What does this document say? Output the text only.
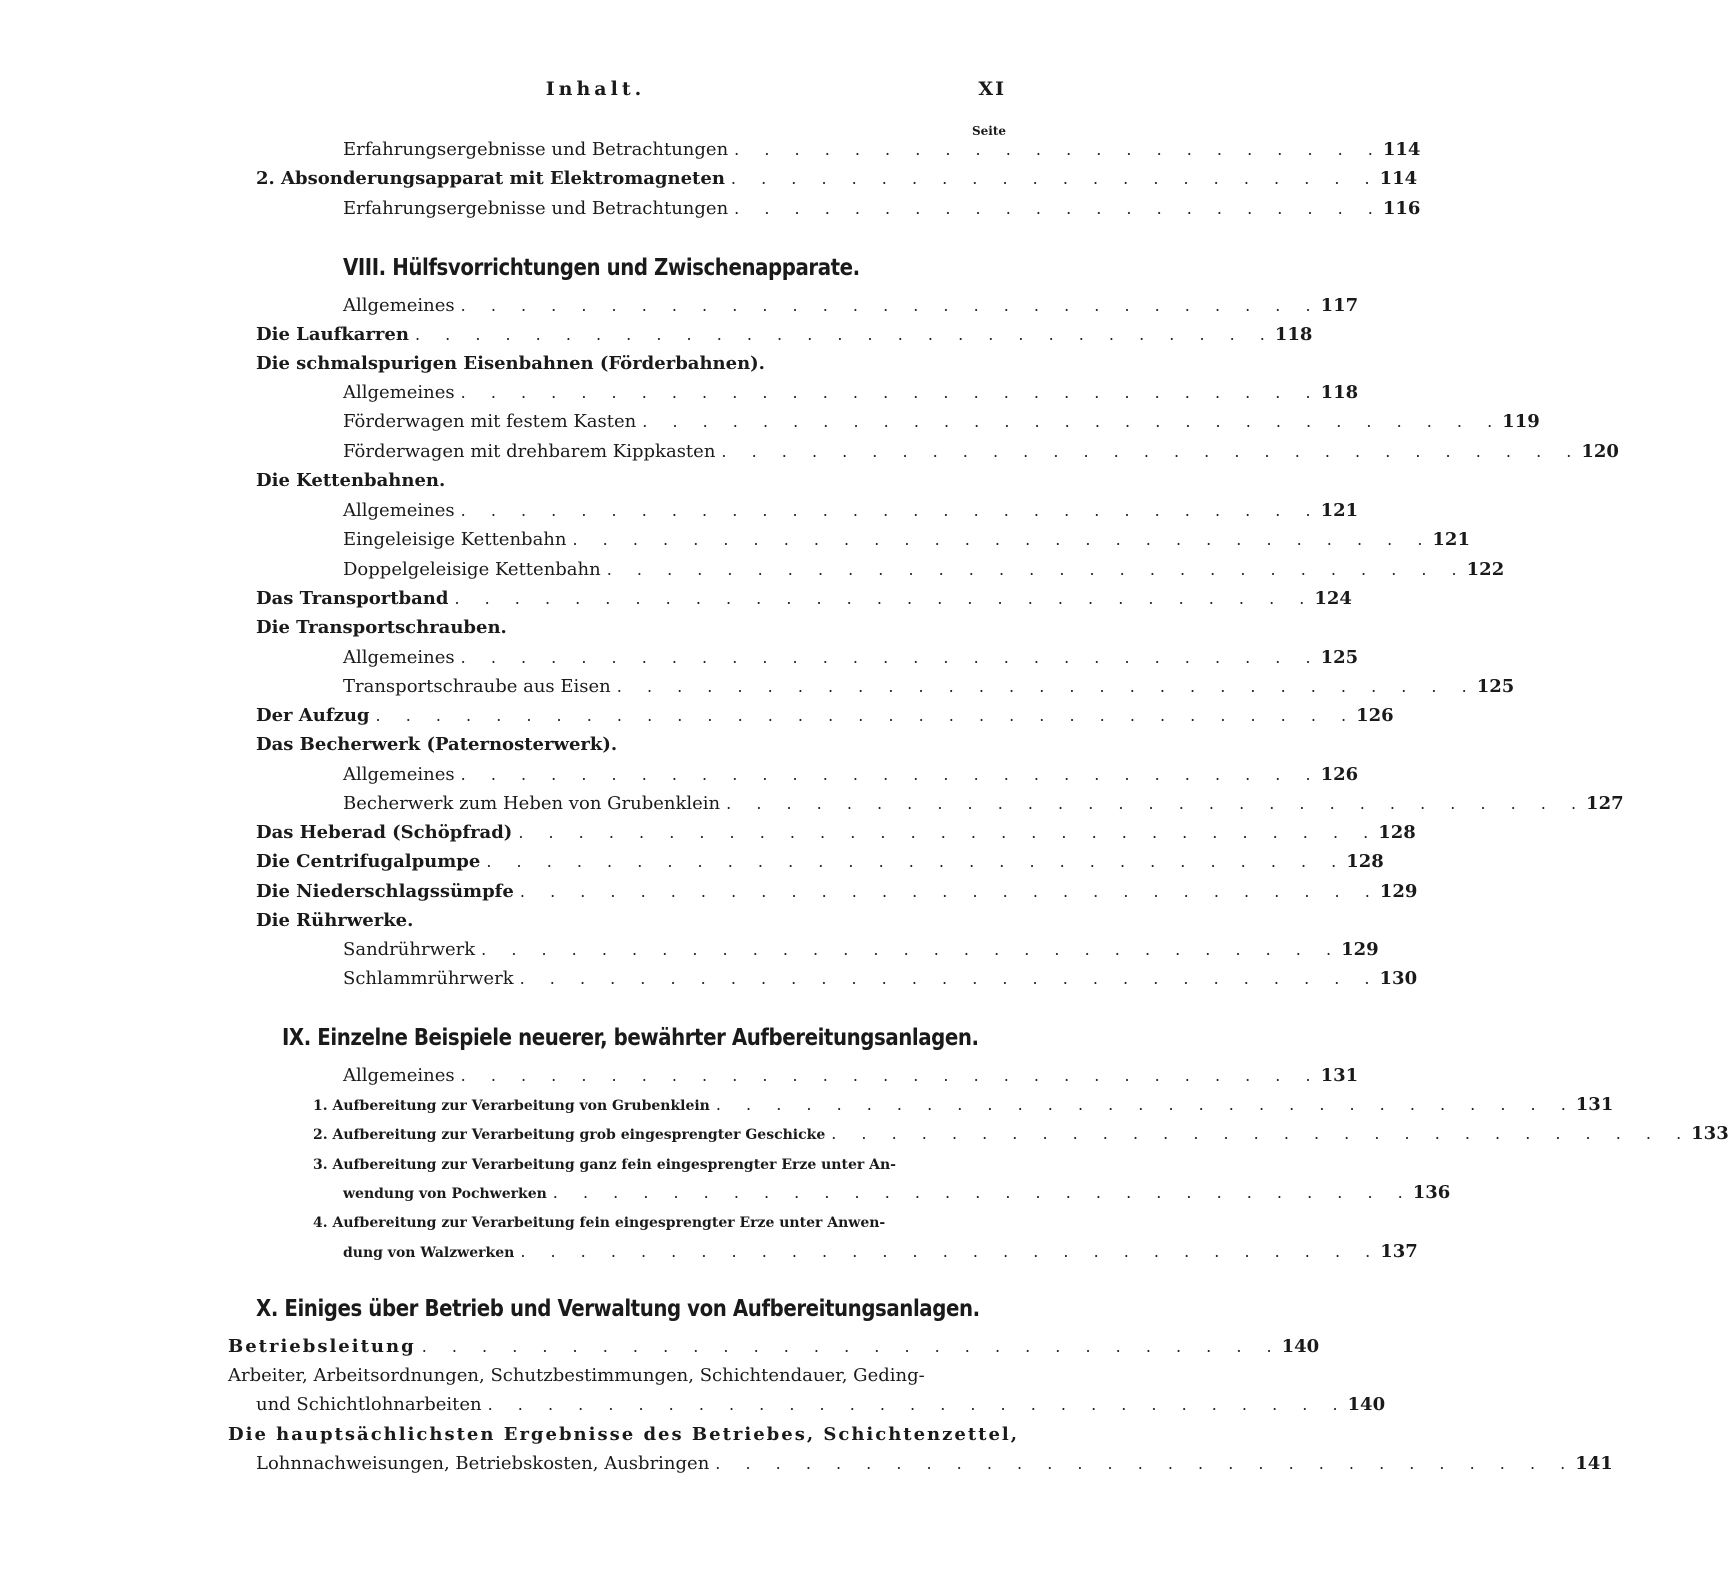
Inhalt.	XI
Seite
Erfahrungsergebnisse und Betrachtungen . . . . . . . . . . . . . . . . . . . . . . 114
2. Absonderungsapparat mit Elektromagneten . . . . . . . . . . . . . . . . . . . . . . 114
Erfahrungsergebnisse und Betrachtungen . . . . . . . . . . . . . . . . . . . . . . 116
VIII. Hülfsvorrichtungen und Zwischenapparate.
Allgemeines . . . . . . . . . . . . . . . . . . . . . . . . . . . . . 117
Die Laufkarren . . . . . . . . . . . . . . . . . . . . . . . . . . . . . 118
Die schmalspurigen Eisenbahnen (Förderbahnen).
Allgemeines . . . . . . . . . . . . . . . . . . . . . . . . . . . . . 118
Förderwagen mit festem Kasten . . . . . . . . . . . . . . . . . . . . . . . . . . . . . 119
Förderwagen mit drehbarem Kippkasten . . . . . . . . . . . . . . . . . . . . . . . . . . . . . 120
Die Kettenbahnen.
Allgemeines . . . . . . . . . . . . . . . . . . . . . . . . . . . . . 121
Eingeleisige Kettenbahn . . . . . . . . . . . . . . . . . . . . . . . . . . . . . 121
Doppelgeleisige Kettenbahn . . . . . . . . . . . . . . . . . . . . . . . . . . . . . 122
Das Transportband . . . . . . . . . . . . . . . . . . . . . . . . . . . . . 124
Die Transportschrauben.
Allgemeines . . . . . . . . . . . . . . . . . . . . . . . . . . . . . 125
Transportschraube aus Eisen . . . . . . . . . . . . . . . . . . . . . . . . . . . . . 125
Der Aufzug . . . . . . . . . . . . . . . . . . . . . . . . . . . . . . . . . 126
Das Becherwerk (Paternosterwerk).
Allgemeines . . . . . . . . . . . . . . . . . . . . . . . . . . . . . 126
Becherwerk zum Heben von Grubenklein . . . . . . . . . . . . . . . . . . . . . . . . . . . . . 127
Das Heberad (Schöpfrad) . . . . . . . . . . . . . . . . . . . . . . . . . . . . . 128
Die Centrifugalpumpe . . . . . . . . . . . . . . . . . . . . . . . . . . . . . 128
Die Niederschlagssümpfe . . . . . . . . . . . . . . . . . . . . . . . . . . . . . 129
Die Rührwerke.
Sandrührwerk . . . . . . . . . . . . . . . . . . . . . . . . . . . . . 129
Schlammrührwerk . . . . . . . . . . . . . . . . . . . . . . . . . . . . . 130
IX. Einzelne Beispiele neuerer, bewährter Aufbereitungsanlagen.
Allgemeines . . . . . . . . . . . . . . . . . . . . . . . . . . . . . 131
1. Aufbereitung zur Verarbeitung von Grubenklein . . . . . . . . . . . . . . . . . . . . . . . . . . . . . 131
2. Aufbereitung zur Verarbeitung grob eingesprengter Geschicke . . . . . . . . . . . . . . . . . . . . . . . . . . . . . 133
3. Aufbereitung zur Verarbeitung ganz fein eingesprengter Erze unter An-
wendung von Pochwerken . . . . . . . . . . . . . . . . . . . . . . . . . . . . . 136
4. Aufbereitung zur Verarbeitung fein eingesprengter Erze unter Anwen-
dung von Walzwerken . . . . . . . . . . . . . . . . . . . . . . . . . . . . . 137
X. Einiges über Betrieb und Verwaltung von Aufbereitungsanlagen.
Betriebsleitung . . . . . . . . . . . . . . . . . . . . . . . . . . . . . 140
Arbeiter, Arbeitsordnungen, Schutzbestimmungen, Schichtendauer, Geding-
und Schichtlohnarbeiten . . . . . . . . . . . . . . . . . . . . . . . . . . . . . 140
Die hauptsächlichsten Ergebnisse des Betriebes, Schichtenzettel,
Lohnnachweisungen, Betriebskosten, Ausbringen . . . . . . . . . . . . . . . . . . . . . . . . . . . . . 141
